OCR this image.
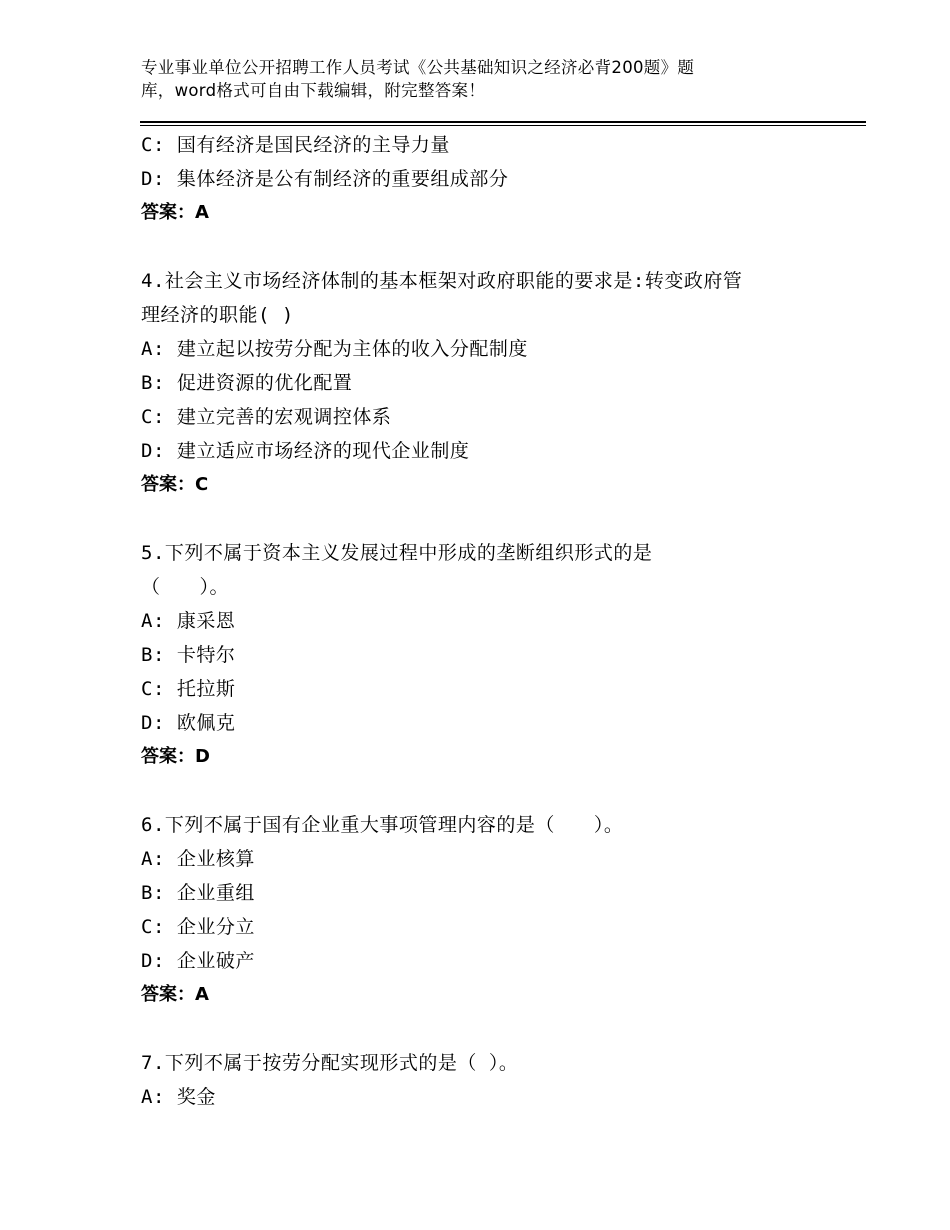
专业事业单位公开招聘工作人员考试《公共基础知识之经济必背200题》题
库，word格式可自由下载编辑，附完整答案！
C: 国有经济是国民经济的主导力量
D: 集体经济是公有制经济的重要组成部分
答案：A
4.社会主义市场经济体制的基本框架对政府职能的要求是:转变政府管
理经济的职能( )
A: 建立起以按劳分配为主体的收入分配制度
B: 促进资源的优化配置
C: 建立完善的宏观调控体系
D: 建立适应市场经济的现代企业制度
答案：C
5.下列不属于资本主义发展过程中形成的垄断组织形式的是
（　　）。
A: 康采恩
B: 卡特尔
C: 托拉斯
D: 欧佩克
答案：D
6.下列不属于国有企业重大事项管理内容的是（　　）。
A: 企业核算
B: 企业重组
C: 企业分立
D: 企业破产
答案：A
7.下列不属于按劳分配实现形式的是（ ）。
A: 奖金
